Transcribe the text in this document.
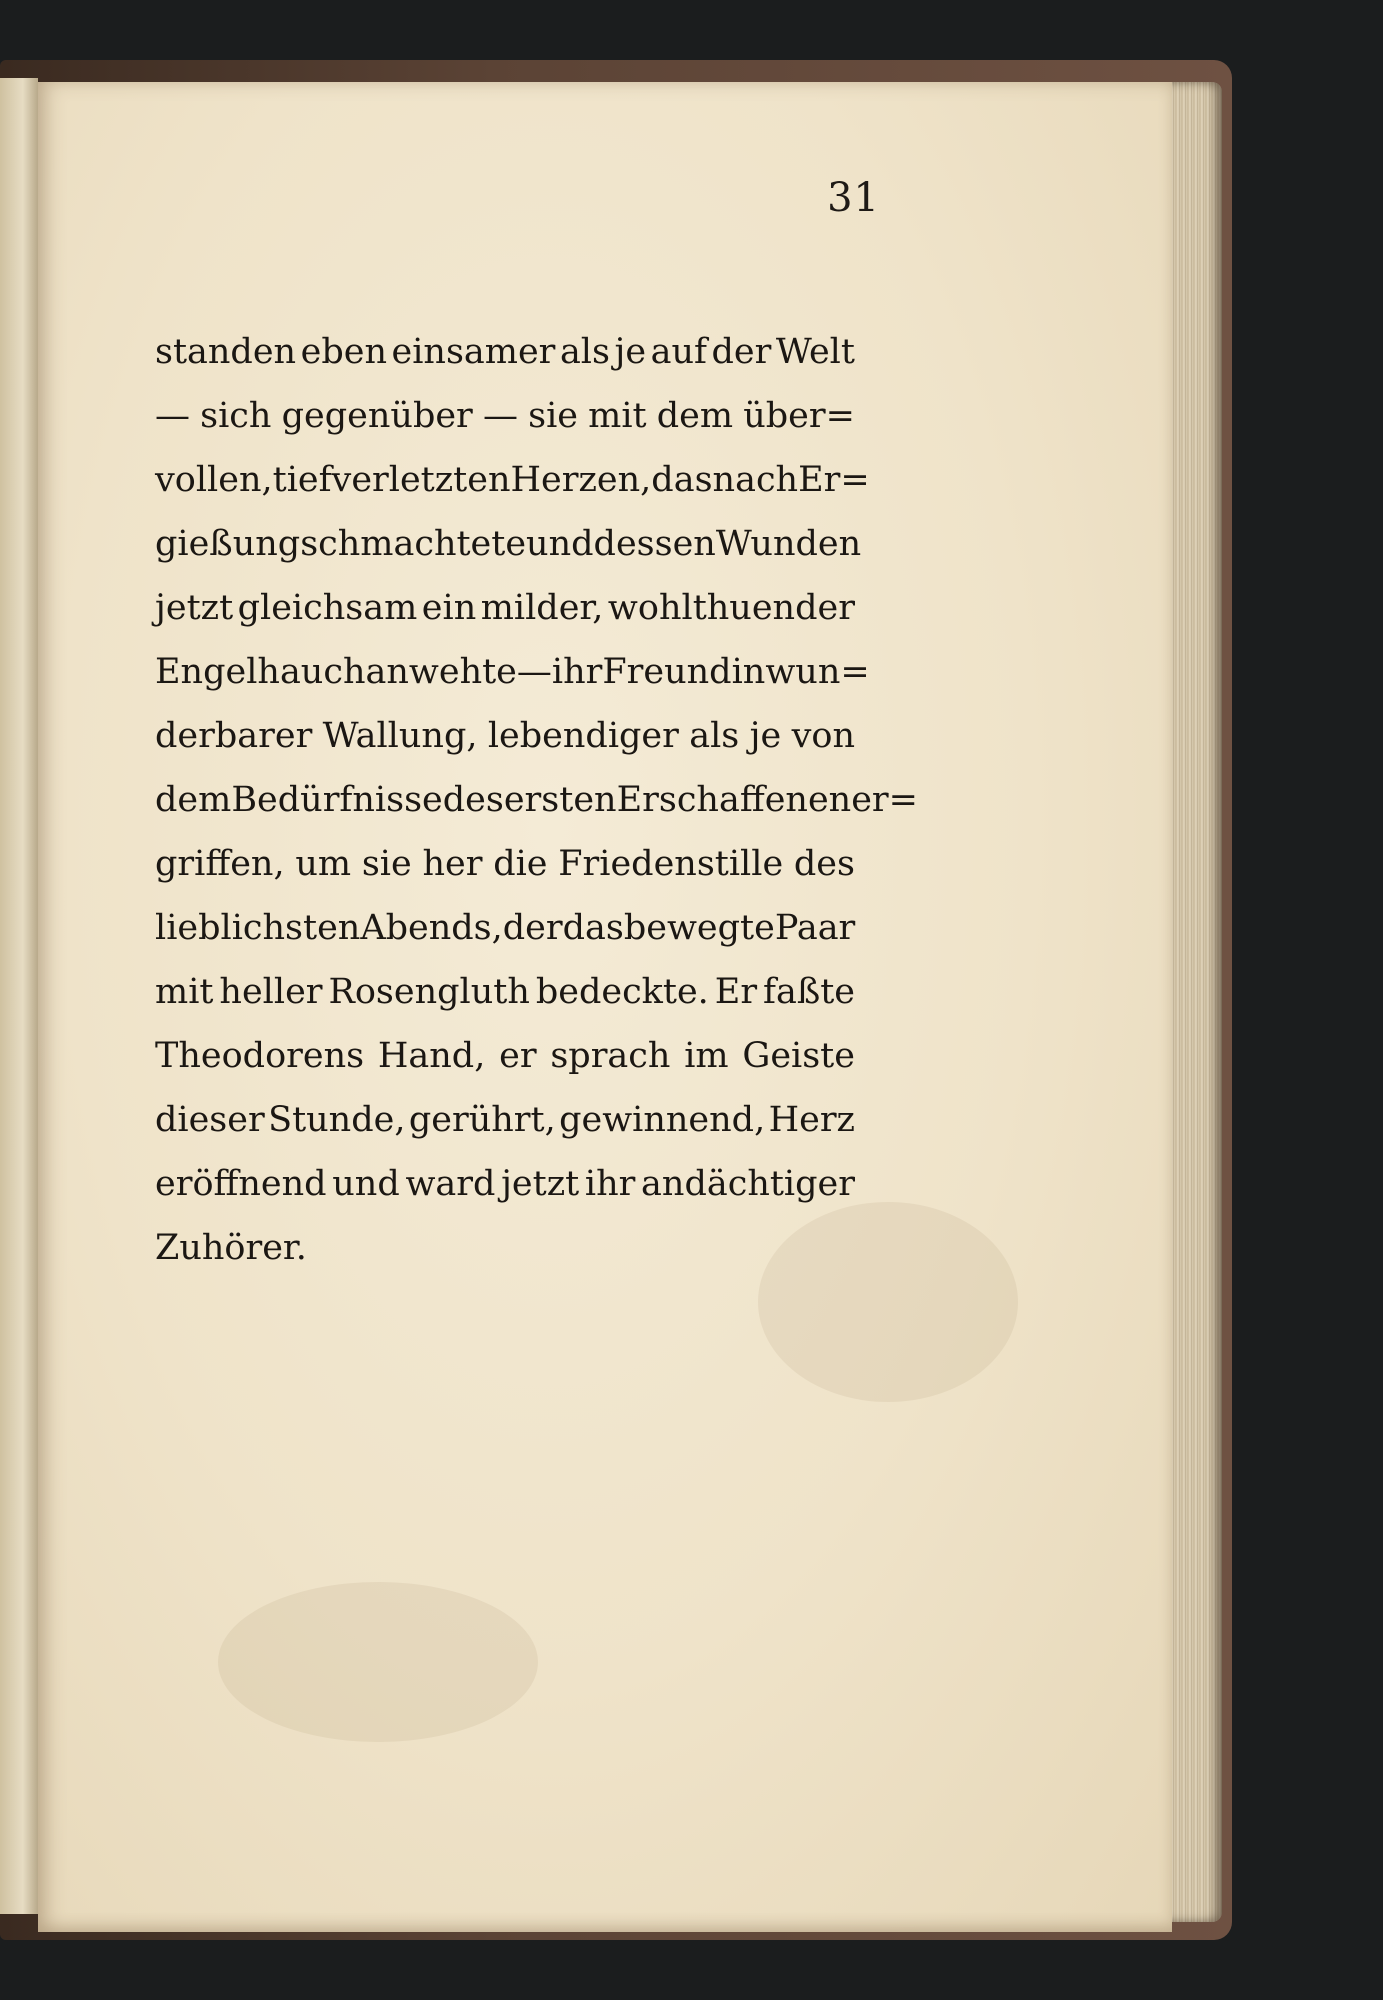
31
standen eben einsamer als je auf der Welt
— sich gegenüber — sie mit dem über=
vollen, tiefverletzten Herzen, das nach Er=
gießung schmachtete und dessen Wunden
jetzt gleichsam ein milder, wohlthuender
Engelhauch anwehte — ihr Freund in wun=
derbarer Wallung, lebendiger als je von
dem Bedürfnisse des ersten Erschaffenen er=
griffen, um sie her die Friedenstille des
lieblichsten Abends, der das bewegte Paar
mit heller Rosengluth bedeckte. Er faßte
Theodorens Hand, er sprach im Geiste
dieser Stunde, gerührt, gewinnend, Herz
eröffnend und ward jetzt ihr andächtiger
Zuhörer.
